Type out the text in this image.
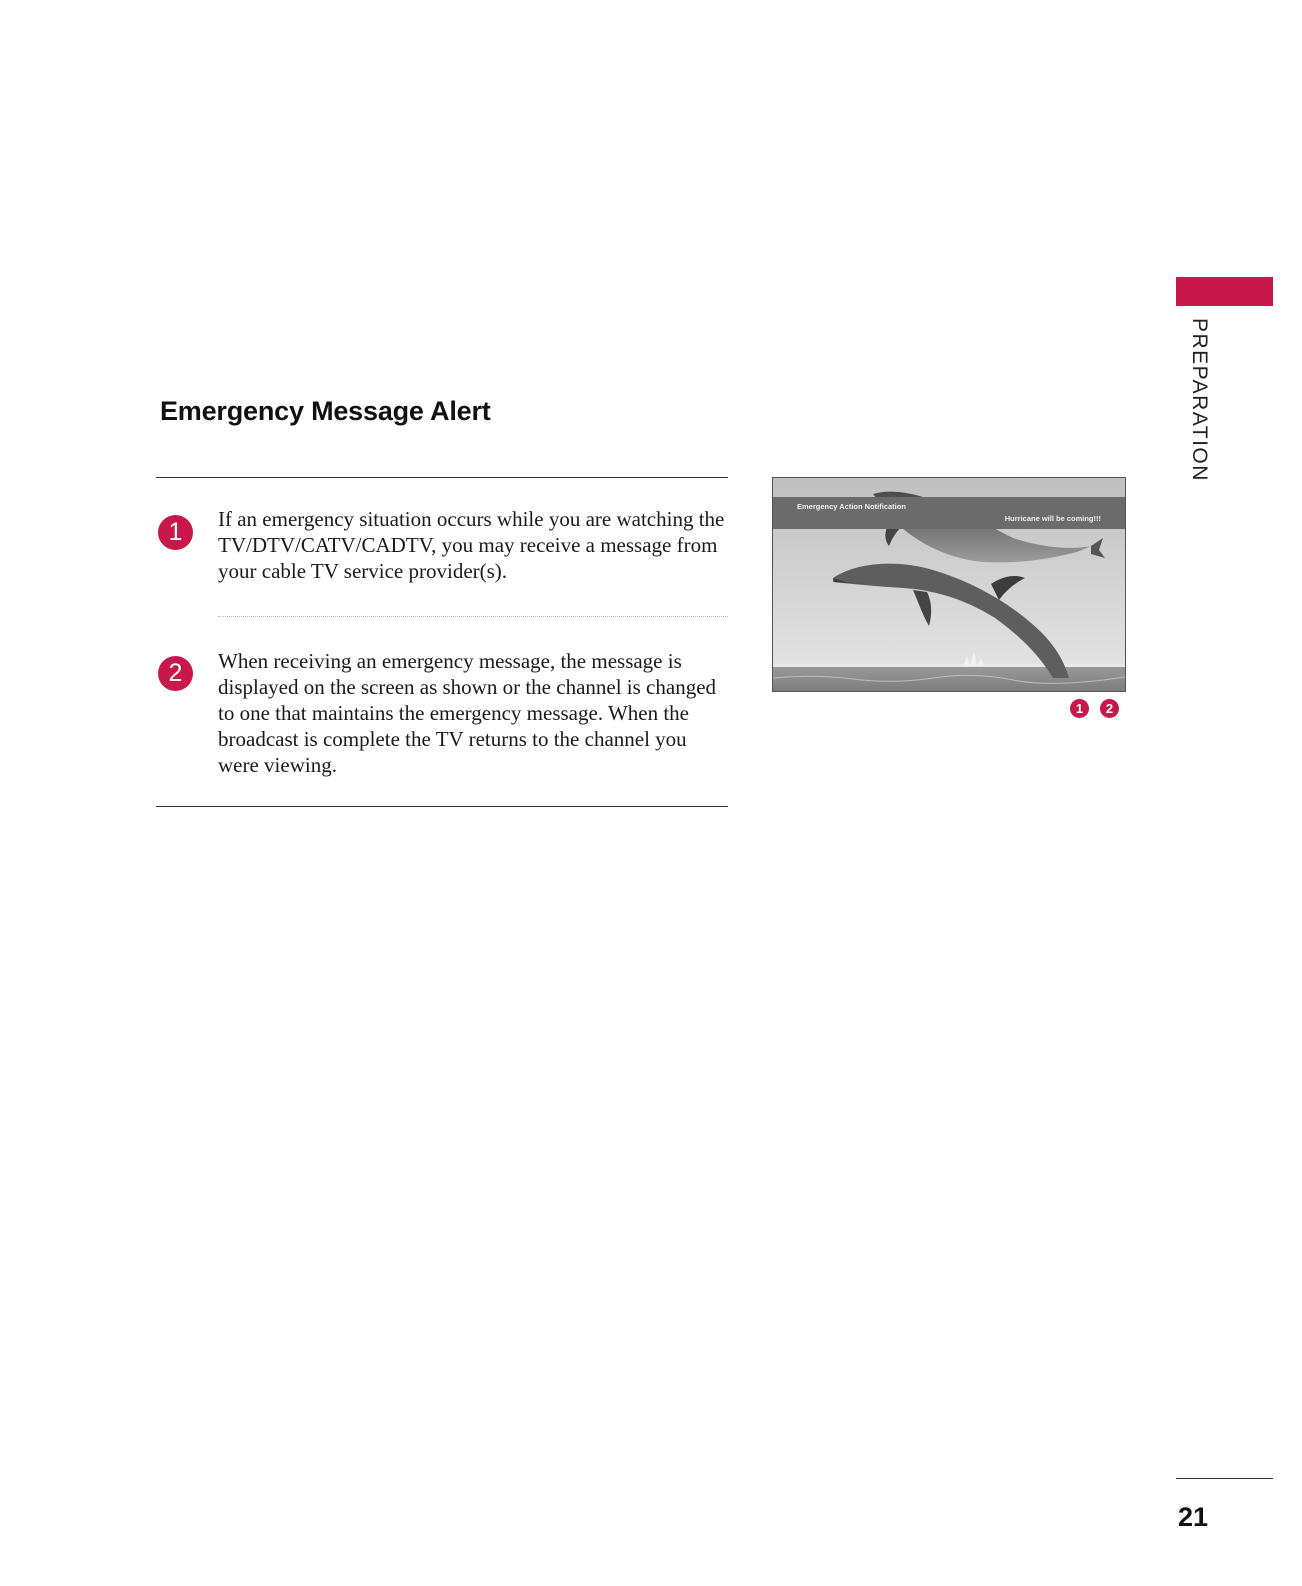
PREPARATION
Emergency Message Alert
1	If an emergency situation occurs while you are watching the TV/DTV/CATV/CADTV, you may receive a message from your cable TV service provider(s).

2	When receiving an emergency message, the message is displayed on the screen as shown or the channel is changed to one that maintains the emergency message. When the broadcast is complete the TV returns to the channel you were viewing.

Emergency Action Notification
Hurricane will be coming!!!
1	2
21
